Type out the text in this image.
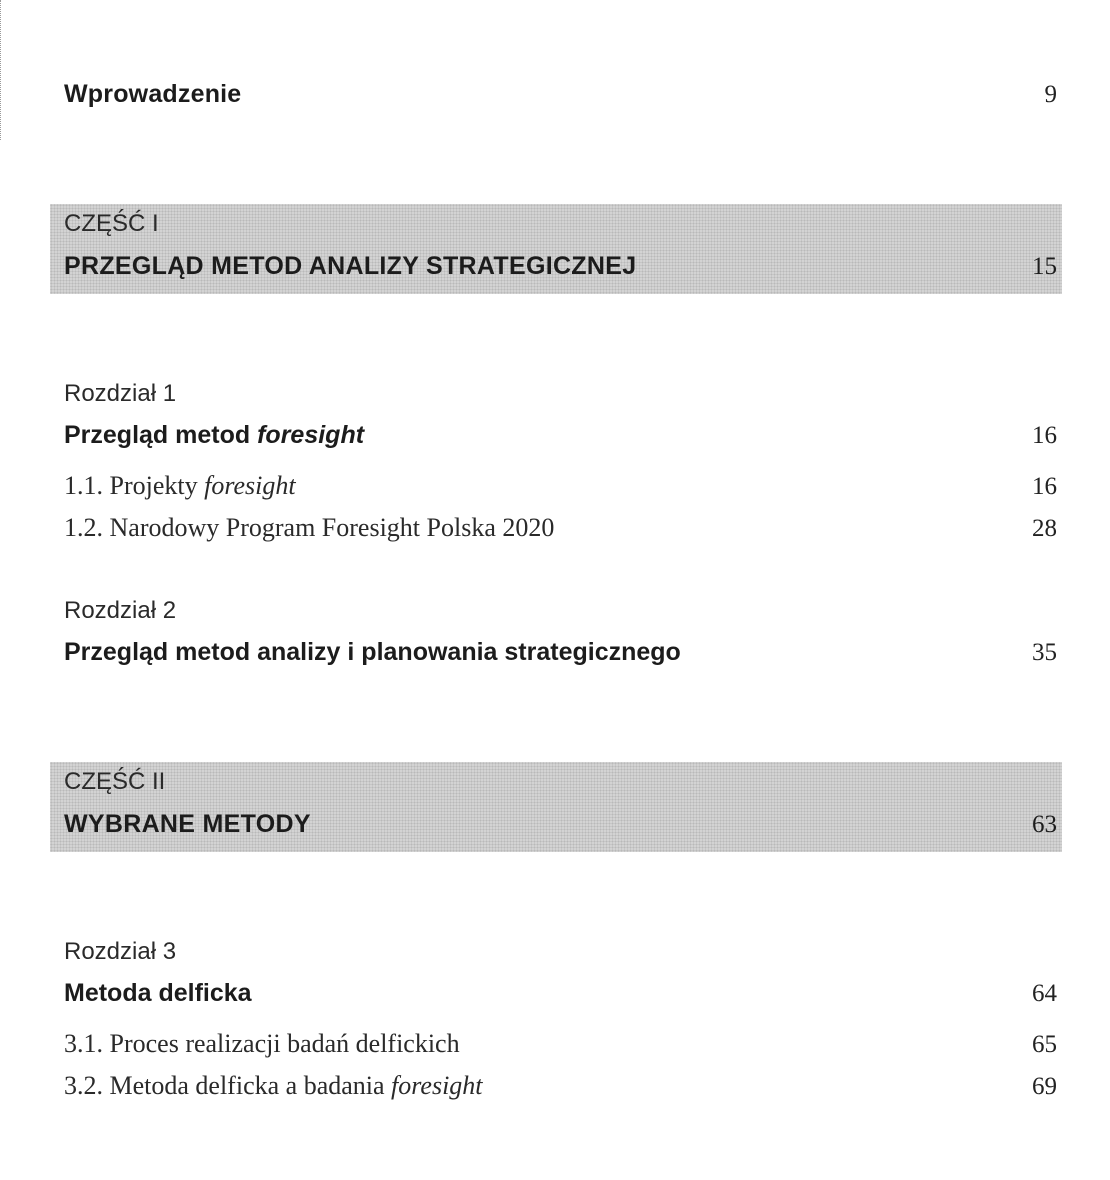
Wprowadzenie	9
CZĘŚĆ I
PRZEGLĄD METOD ANALIZY STRATEGICZNEJ	15
Rozdział 1
Przegląd metod foresight	16
1.1. Projekty foresight	16
1.2. Narodowy Program Foresight Polska 2020	28
Rozdział 2
Przegląd metod analizy i planowania strategicznego	35
CZĘŚĆ II
WYBRANE METODY	63
Rozdział 3
Metoda delficka	64
3.1. Proces realizacji badań delfickich	65
3.2. Metoda delficka a badania foresight	69
